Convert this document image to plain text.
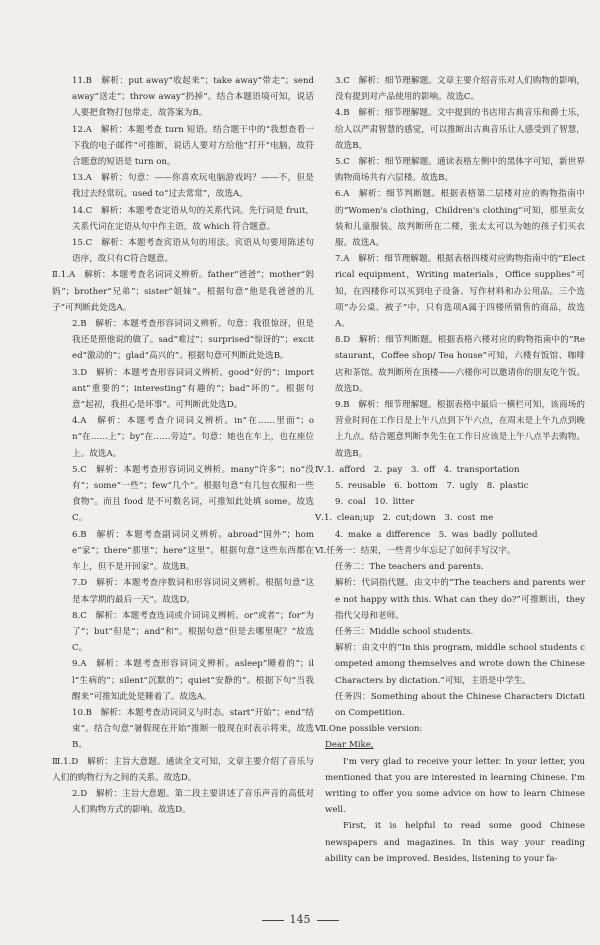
11.B　解析：put away“收起来”；take away“带走”；send away“送走”；throw away“扔掉”。结合本题语境可知，说话人要把食物打包带走，故答案为B。

12.A　解析：本题考查 turn 短语。结合题干中的“我想查看一下我的电子邮件”可推断，说话人要对方给他“打开”电脑，故符合题意的短语是 turn on。

13.A　解析：句意：——你喜欢玩电脑游戏吗？——不，但是我过去经常玩。used to“过去常常”，故选A。

14.C　解析：本题考查定语从句的关系代词。先行词是 fruit，关系代词在定语从句中作主语，故 which 符合题意。

15.C　解析：本题考查宾语从句的用法。宾语从句要用陈述句语序，故只有C符合题意。

Ⅱ.1.A　解析：本题考查名词词义辨析。father“爸爸”；mother“妈妈”；brother“兄弟”；sister“姐妹”。根据句意“他是我爸爸的儿子”可判断此处选A。

2.B　解析：本题考查形容词词义辨析。句意：我很惊讶，但是我还是照他说的做了。sad“难过”；surprised“惊讶的”；excited“激动的”；glad“高兴的”。根据句意可判断此处选B。

3.D　解析：本题考查形容词词义辨析。good“好的”；important“重要的”；interesting“有趣的”；bad“坏的”。根据句意“起初，我担心是坏事”。可判断此处选D。

4.A　解析：本题考查介词词义辨析。in“在……里面”；on“在……上”；by“在……旁边”。句意：她也在车上，也在座位上。故选A。

5.C　解析：本题考查形容词词义辨析。many“许多”；no“没有”；some“一些”；few“几个”。根据句意“有几包衣服和一些食物”。而且 food 是不可数名词，可推知此处填 some。故选C。

6.B　解析：本题考查副词词义辨析。abroad“国外”；home“家”；there“那里”；here“这里”。根据句意“这些东西都在车上，但不是开回家”。故选B。

7.D　解析：本题考查序数词和形容词词义辨析。根据句意“这是本学期的最后一天”。故选D。

8.C　解析：本题考查连词或介词词义辨析。or“或者”；for“为了”；but“但是”；and“和”。根据句意“但是去哪里呢？”故选C。

9.A　解析：本题考查形容词词义辨析。asleep“睡着的”；ill“生病的”；silent“沉默的”；quiet“安静的”。根据下句“当我醒来”可推知此处是睡着了。故选A。

10.B　解析：本题考查动词词义与时态。start“开始”；end“结束”。结合句意“暑假现在开始”推断一般现在时表示将来，故选B。

Ⅲ.1.D　解析：主旨大意题。通读全文可知，文章主要介绍了音乐与人们的购物行为之间的关系。故选D。

2.D　解析：主旨大意题。第二段主要讲述了音乐声音的高低对人们购物方式的影响。故选D。

3.C　解析：细节理解题。文章主要介绍音乐对人们购物的影响，没有提到对产品使用的影响。故选C。

4.B　解析：细节理解题。文中提到的书店用古典音乐和爵士乐，给人以严肃智慧的感觉，可以推断出古典音乐让人感受到了智慧，故选B。

5.C　解析：细节理解题。通读表格左侧中的黑体字可知，新世界购物商场共有六层楼。故选B。

6.A　解析：细节判断题。根据表格第二层楼对应的购物指南中的“Women's clothing，Children's clothing”可知，那里卖女装和儿童服装。故判断所在二楼，张太太可以为她的孩子们买衣服。故选A。

7.A　解析：细节理解题。根据表格四楼对应购物指南中的“Electrical equipment，Writing materials，Office supplies”可知，在四楼你可以买到电子设备、写作材料和办公用品。三个选项“办公桌、被子”中，只有选项A属于四楼所销售的商品，故选A。

8.D　解析：细节判断题。根据表格六楼对应的购物指南中的“Restaurant，Coffee shop/ Tea house”可知，六楼有饭馆、咖啡店和茶馆。故判断所在顶楼——六楼你可以邀请你的朋友吃午饭。故选D。

9.B　解析：细节理解题。根据表格中最后一横栏可知，该商场的营业时间在工作日是上午八点到下午六点，在周末是上午九点到晚上九点。结合题意判断李先生在工作日应该是上午八点半去购物。故选B。

Ⅳ.1. afford　2. pay　3. off　4. transportation

5. reusable　6. bottom　7. ugly　8. plastic

9. coal　10. litter

Ⅴ.1. clean;up　2. cut;down　3. cost me

4. make a difference　5. was badly polluted

Ⅵ.任务一：结果，一些青少年忘记了如何手写汉字。

任务二：The teachers and parents.

解析：代词指代题。由文中的“The teachers and parents were not happy with this. What can they do?”可推断出，they 指代父母和老师。

任务三：Middle school students.

解析：由文中的“In this program, middle school students competed among themselves and wrote down the Chinese Characters by dictation.”可知，主语是中学生。

任务四：Something about the Chinese Characters Dictation Competition.

Ⅶ.One possible version:

Dear Mike,

I'm very glad to receive your letter. In your letter, you mentioned that you are interested in learning Chinese. I'm writing to offer you some advice on how to learn Chinese well.

First, it is helpful to read some good Chinese newspapers and magazines. In this way your reading ability can be improved. Besides, listening to your fa-

145
